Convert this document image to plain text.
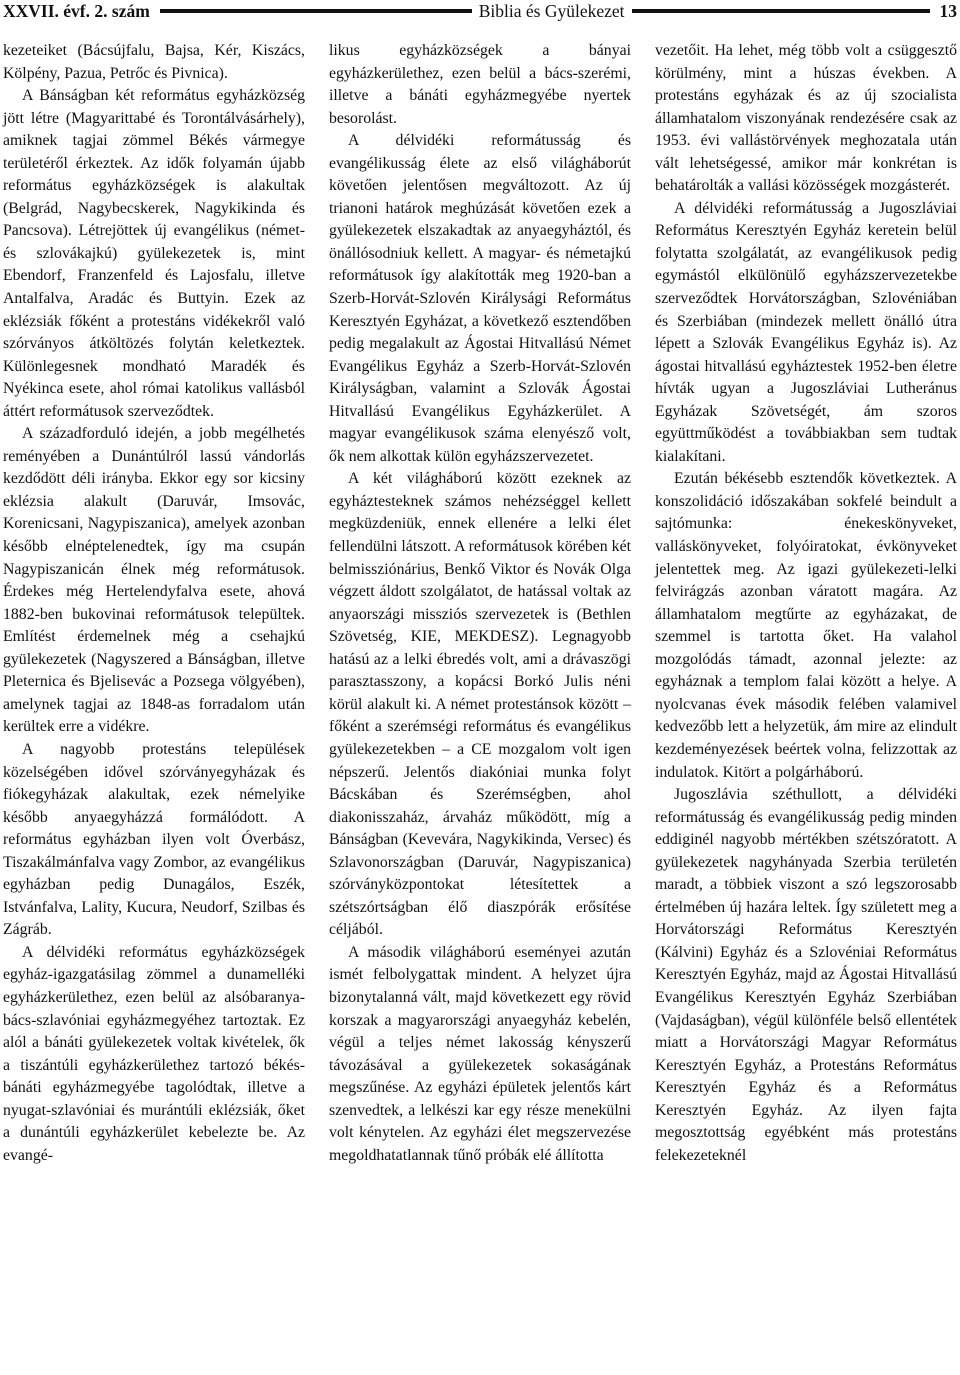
XXVII. évf. 2. szám	Biblia és Gyülekezet	13

kezeteiket (Bácsújfalu, Bajsa, Kér, Kiszács, Kölpény, Pazua, Petrőc és Pivnica).

A Bánságban két református egyházközség jött létre (Magyarittabé és Torontálvásárhely), amiknek tagjai zömmel Békés vármegye területéről érkeztek. Az idők folyamán újabb református egyházközségek is alakultak (Belgrád, Nagybecskerek, Nagykikinda és Pancsova). Létrejöttek új evangélikus (német- és szlovákajkú) gyülekezetek is, mint Ebendorf, Franzenfeld és Lajosfalu, illetve Antalfalva, Aradác és Buttyin. Ezek az eklézsiák főként a protestáns vidékekről való szórványos átköltözés folytán keletkeztek. Különlegesnek mondható Maradék és Nyékinca esete, ahol római katolikus vallásból áttért reformátusok szerveződtek.

A századforduló idején, a jobb megélhetés reményében a Dunántúlról lassú vándorlás kezdődött déli irányba. Ekkor egy sor kicsiny eklézsia alakult (Daruvár, Imsovác, Korenicsani, Nagypiszanica), amelyek azonban később elnéptelenedtek, így ma csupán Nagypiszanicán élnek még reformátusok. Érdekes még Hertelendyfalva esete, ahová 1882-ben bukovinai reformátusok települtek. Említést érdemelnek még a csehajkú gyülekezetek (Nagyszered a Bánságban, illetve Pleternica és Bjelisevác a Pozsega völgyében), amelynek tagjai az 1848-as forradalom után kerültek erre a vidékre.

A nagyobb protestáns települések közelségében idővel szórványegyházak és fiókegyházak alakultak, ezek némelyike később anyaegyházzá formálódott. A református egyházban ilyen volt Óverbász, Tiszakálmánfalva vagy Zombor, az evangélikus egyházban pedig Dunagálos, Eszék, Istvánfalva, Lality, Kucura, Neudorf, Szilbas és Zágráb.

A délvidéki református egyházközségek egyház-igazgatásilag zömmel a dunamelléki egyházkerülethez, ezen belül az alsóbaranya-bács-szlavóniai egyházmegyéhez tartoztak. Ez alól a bánáti gyülekezetek voltak kivételek, ők a tiszántúli egyházkerülethez tartozó békés-bánáti egyházmegyébe tagolódtak, illetve a nyugat-szlavóniai és murántúli eklézsiák, őket a dunántúli egyházkerület kebelezte be. Az evangé-

likus egyházközségek a bányai egyházkerülethez, ezen belül a bács-szerémi, illetve a bánáti egyházmegyébe nyertek besorolást.

A délvidéki reformátusság és evangélikusság élete az első világháborút követően jelentősen megváltozott. Az új trianoni határok meghúzását követően ezek a gyülekezetek elszakadtak az anyaegyháztól, és önállósodniuk kellett. A magyar- és németajkú reformátusok így alakították meg 1920-ban a Szerb-Horvát-Szlovén Királysági Református Keresztyén Egyházat, a következő esztendőben pedig megalakult az Ágostai Hitvallású Német Evangélikus Egyház a Szerb-Horvát-Szlovén Királyságban, valamint a Szlovák Ágostai Hitvallású Evangélikus Egyházkerület. A magyar evangélikusok száma elenyésző volt, ők nem alkottak külön egyházszervezetet.

A két világháború között ezeknek az egyháztesteknek számos nehézséggel kellett megküzdeniük, ennek ellenére a lelki élet fellendülni látszott. A reformátusok körében két belmissziónárius, Benkő Viktor és Novák Olga végzett áldott szolgálatot, de hatással voltak az anyaországi missziós szervezetek is (Bethlen Szövetség, KIE, MEKDESZ). Legnagyobb hatású az a lelki ébredés volt, ami a drávaszögi parasztasszony, a kopácsi Borkó Julis néni körül alakult ki. A német protestánsok között – főként a szerémségi református és evangélikus gyülekezetekben – a CE mozgalom volt igen népszerű. Jelentős diakóniai munka folyt Bácskában és Szerémségben, ahol diakonisszaház, árvaház működött, míg a Bánságban (Kevevára, Nagykikinda, Versec) és Szlavonországban (Daruvár, Nagypiszanica) szórványközpontokat létesítettek a szétszórtságban élő diaszpórák erősítése céljából.

A második világháború eseményei azután ismét felbolygattak mindent. A helyzet újra bizonytalanná vált, majd következett egy rövid korszak a magyarországi anyaegyház kebelén, végül a teljes német lakosság kényszerű távozásával a gyülekezetek sokaságának megszűnése. Az egyházi épületek jelentős kárt szenvedtek, a lelkészi kar egy része menekülni volt kénytelen. Az egyházi élet megszervezése megoldhatatlannak tűnő próbák elé állította

vezetőit. Ha lehet, még több volt a csüggesztő körülmény, mint a húszas években. A protestáns egyházak és az új szocialista államhatalom viszonyának rendezésére csak az 1953. évi vallástörvények meghozatala után vált lehetségessé, amikor már konkrétan is behatárolták a vallási közösségek mozgásterét.

A délvidéki reformátusság a Jugoszláviai Református Keresztyén Egyház keretein belül folytatta szolgálatát, az evangélikusok pedig egymástól elkülönülő egyházszervezetekbe szerveződtek Horvátországban, Szlovéniában és Szerbiában (mindezek mellett önálló útra lépett a Szlovák Evangélikus Egyház is). Az ágostai hitvallású egyháztestek 1952-ben életre hívták ugyan a Jugoszláviai Lutheránus Egyházak Szövetségét, ám szoros együttműködést a továbbiakban sem tudtak kialakítani.

Ezután békésebb esztendők következtek. A konszolidáció időszakában sokfelé beindult a sajtómunka: énekeskönyveket, valláskönyveket, folyóiratokat, évkönyveket jelentettek meg. Az igazi gyülekezeti-lelki felvirágzás azonban váratott magára. Az államhatalom megtűrte az egyházakat, de szemmel is tartotta őket. Ha valahol mozgolódás támadt, azonnal jelezte: az egyháznak a templom falai között a helye. A nyolcvanas évek második felében valamivel kedvezőbb lett a helyzetük, ám mire az elindult kezdeményezések beértek volna, felizzottak az indulatok. Kitört a polgárháború.

Jugoszlávia széthullott, a délvidéki reformátusság és evangélikusság pedig minden eddiginél nagyobb mértékben szétszóratott. A gyülekezetek nagyhányada Szerbia területén maradt, a többiek viszont a szó legszorosabb értelmében új hazára leltek. Így született meg a Horvátországi Református Keresztyén (Kálvini) Egyház és a Szlovéniai Református Keresztyén Egyház, majd az Ágostai Hitvallású Evangélikus Keresztyén Egyház Szerbiában (Vajdaságban), végül különféle belső ellentétek miatt a Horvátországi Magyar Református Keresztyén Egyház, a Protestáns Református Keresztyén Egyház és a Református Keresztyén Egyház. Az ilyen fajta megosztottság egyébként más protestáns felekezeteknél
